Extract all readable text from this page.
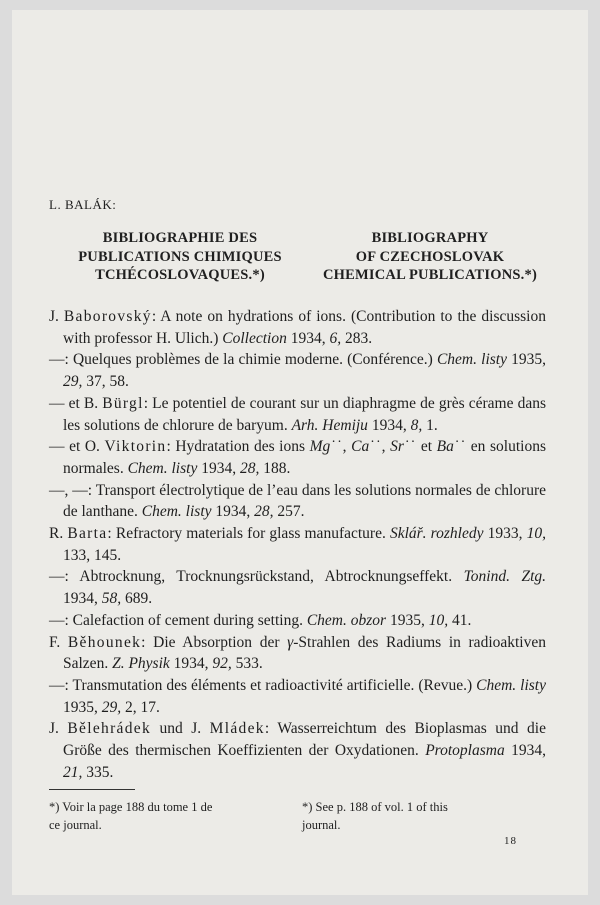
L. BALÁK:
BIBLIOGRAPHIE DES
PUBLICATIONS CHIMIQUES
TCHÉCOSLOVAQUES.*)
BIBLIOGRAPHY
OF CZECHOSLOVAK
CHEMICAL PUBLICATIONS.*)
J. Baborovský: A note on hydrations of ions. (Contribution to the discussion with professor H. Ulich.) Collection 1934, 6, 283.
—: Quelques problèmes de la chimie moderne. (Conférence.) Chem. listy 1935, 29, 37, 58.
— et B. Bürgl: Le potentiel de courant sur un diaphragme de grès cérame dans les solutions de chlorure de baryum. Arh. Hemiju 1934, 8, 1.
— et O. Viktorin: Hydratation des ions Mg˙˙, Ca˙˙, Sr˙˙ et Ba˙˙ en solutions normales. Chem. listy 1934, 28, 188.
—, —: Transport électrolytique de l’eau dans les solutions normales de chlorure de lanthane. Chem. listy 1934, 28, 257.
R. Barta: Refractory materials for glass manufacture. Sklář. rozhledy 1933, 10, 133, 145.
—: Abtrocknung, Trocknungsrückstand, Abtrocknungseffekt. Tonind. Ztg. 1934, 58, 689.
—: Calefaction of cement during setting. Chem. obzor 1935, 10, 41.
F. Běhounek: Die Absorption der γ-Strahlen des Radiums in radioaktiven Salzen. Z. Physik 1934, 92, 533.
—: Transmutation des éléments et radioactivité artificielle. (Revue.) Chem. listy 1935, 29, 2, 17.
J. Bělehrádek und J. Mládek: Wasserreichtum des Bioplasmas und die Größe des thermischen Koeffizienten der Oxydationen. Protoplasma 1934, 21, 335.
*) Voir la page 188 du tome 1 de
ce journal.
*) See p. 188 of vol. 1 of this
journal.
18
